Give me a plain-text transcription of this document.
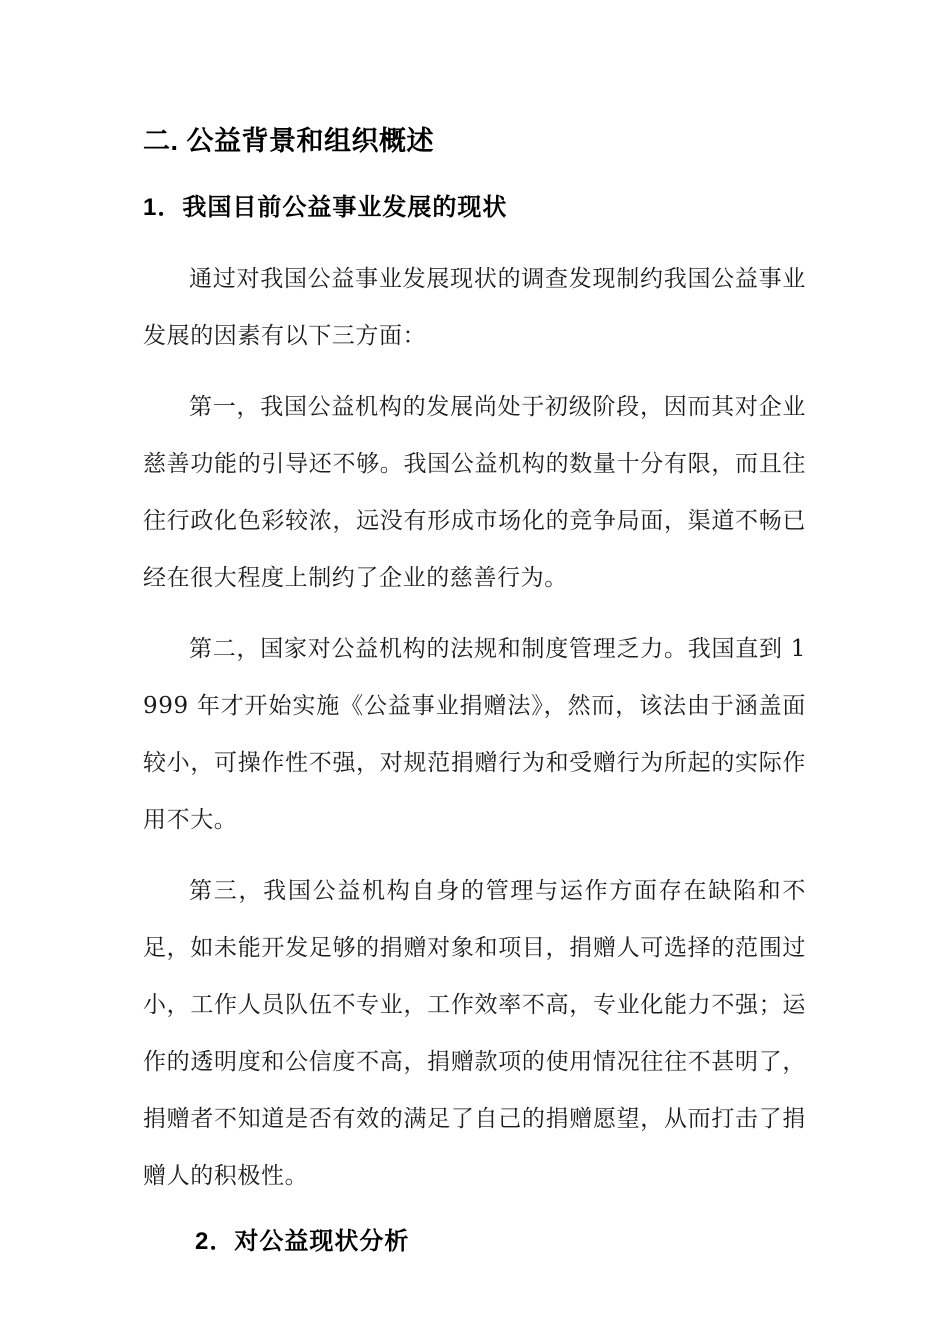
二. 公益背景和组织概述
1．我国目前公益事业发展的现状

通过对我国公益事业发展现状的调查发现制约我国公益事业发展的因素有以下三方面：

第一，我国公益机构的发展尚处于初级阶段，因而其对企业慈善功能的引导还不够。我国公益机构的数量十分有限，而且往往行政化色彩较浓，远没有形成市场化的竞争局面，渠道不畅已经在很大程度上制约了企业的慈善行为。

第二，国家对公益机构的法规和制度管理乏力。我国直到 1999 年才开始实施《公益事业捐赠法》，然而，该法由于涵盖面较小，可操作性不强，对规范捐赠行为和受赠行为所起的实际作用不大。

第三，我国公益机构自身的管理与运作方面存在缺陷和不足，如未能开发足够的捐赠对象和项目，捐赠人可选择的范围过小，工作人员队伍不专业，工作效率不高，专业化能力不强；运作的透明度和公信度不高，捐赠款项的使用情况往往不甚明了，捐赠者不知道是否有效的满足了自己的捐赠愿望，从而打击了捐赠人的积极性。

2．对公益现状分析
